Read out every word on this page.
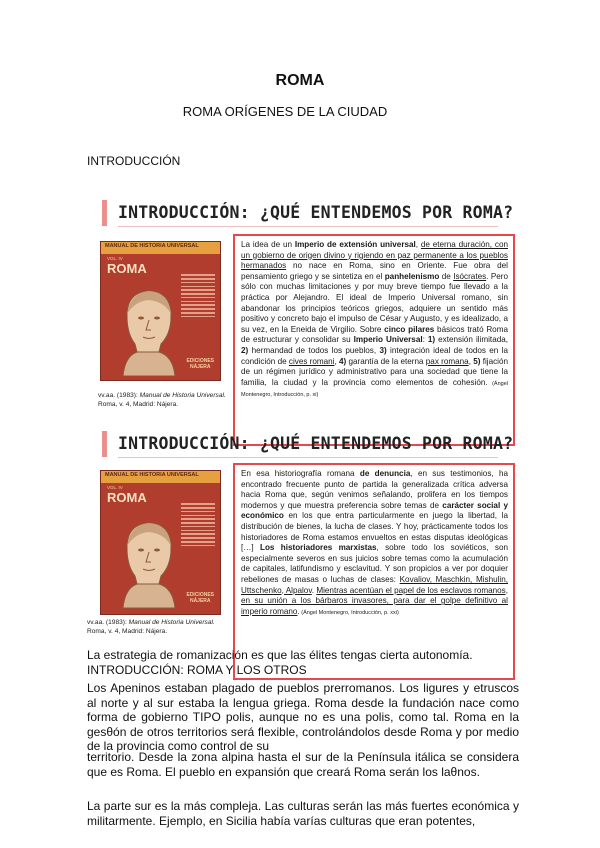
ROMA
ROMA ORÍGENES DE LA CIUDAD
INTRODUCCIÓN
INTRODUCCIÓN: ¿QUÉ ENTENDEMOS POR ROMA?
MANUAL DE HISTORIA UNIVERSAL
VOL. IV
ROMA
EDICIONES
NÁJERA
vv.aa. (1983): Manual de Historia Universal.
Roma, v. 4, Madrid: Nájera.
La idea de un Imperio de extensión universal, de eterna duración, con un gobierno de origen divino y rigiendo en paz permanente a los pueblos hermanados no nace en Roma, sino en Oriente. Fue obra del pensamiento griego y se sintetiza en el panhelenismo de Isócrates. Pero sólo con muchas limitaciones y por muy breve tiempo fue llevado a la práctica por Alejandro. El ideal de Imperio Universal romano, sin abandonar los principios teóricos griegos, adquiere un sentido más positivo y concreto bajo el impulso de César y Augusto, y es idealizado, a su vez, en la Eneida de Virgilio. Sobre cinco pilares básicos trató Roma de estructurar y consolidar su Imperio Universal: 1) extensión ilimitada, 2) hermandad de todos los pueblos, 3) integración ideal de todos en la condición de cives romani, 4) garantía de la eterna pax romana, 5) fijación de un régimen jurídico y administrativo para una sociedad que tiene la familia, la ciudad y la provincia como elementos de cohesión. (Ángel Montenegro, Introducción, p. xi)
INTRODUCCIÓN: ¿QUÉ ENTENDEMOS POR ROMA?
MANUAL DE HISTORIA UNIVERSAL
VOL. IV
ROMA
EDICIONES
NÁJERA
En esa historiografía romana de denuncia, en sus testimonios, ha encontrado frecuente punto de partida la generalizada crítica adversa hacia Roma que, según venimos señalando, prolifera en los tiempos modernos y que muestra preferencia sobre temas de carácter social y económico en los que entra particularmente en juego la libertad, la distribución de bienes, la lucha de clases. Y hoy, prácticamente todos los historiadores de Roma estamos envueltos en estas disputas ideológicas […] Los historiadores marxistas, sobre todo los soviéticos, son especialmente severos en sus juicios sobre temas como la acumulación de capitales, latifundismo y esclavitud. Y son propicios a ver por doquier rebeliones de masas o luchas de clases: Kovaliov, Maschkin, Mishulin, Uttschenko, Alpalov. Mientras acentúan el papel de los esclavos romanos, en su unión a los bárbaros invasores, para dar el golpe definitivo al imperio romano. (Ángel Montenegro, Introducción, p. xxi)
vv.aa. (1983): Manual de Historia Universal.
Roma, v. 4, Madrid: Nájera.
La estrategia de romanización es que las élites tengas cierta autonomía.
INTRODUCCIÓN: ROMA Y LOS OTROS
Los Apeninos estaban plagado de pueblos prerromanos. Los ligures y etruscos al norte y al sur estaba la lengua griega. Roma desde la fundación nace como forma de gobierno TIPO polis, aunque no es una polis, como tal. Roma en la gesθón de otros territorios será flexible, controlándolos desde Roma y por medio de la provincia como control de su
territorio. Desde la zona alpina hasta el sur de la Península itálica se considera que es Roma. El pueblo en expansión que creará Roma serán los laθnos.
La parte sur es la más compleja. Las culturas serán las más fuertes económica y militarmente. Ejemplo, en Sicilia había varías culturas que eran potentes,
